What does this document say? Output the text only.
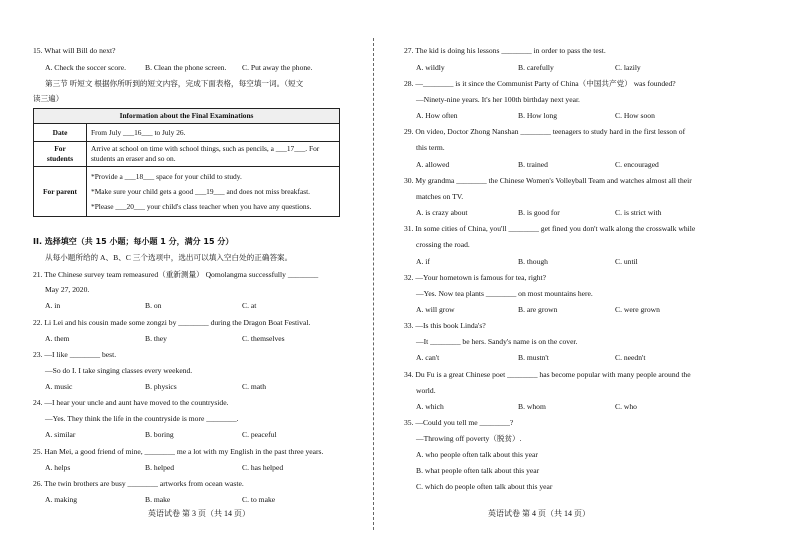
15. What will Bill do next?
A. Check the soccer score.	B. Clean the phone screen. C. Put away the phone.
第三节 听短文 根据你所听到的短文内容，完成下面表格，每空填一词。（短文
读三遍）
Information about the Final Examinations	
Date	From July ___16___ to July 26.
For
students	Arrive at school on time with school things, such as pencils, a ___17___. For
students an eraser and so on.
For parent	*Provide a ___18___ space for your child to study.
*Make sure your child gets a good ___19___ and does not miss breakfast.
*Please ___20___ your child's class teacher when you have any questions.
II. 选择填空（共 15 小题；每小题 1 分，满分 15 分）
从每小题所给的 A、B、C 三个选项中，选出可以填入空白处的正确答案。
21. The Chinese survey team remeasured（重新测量） Qomolangma successfully ________
May 27, 2020.
A. in	B. on	C. at
22. Li Lei and his cousin made some zongzi by ________ during the Dragon Boat Festival.
A. them	B. they	C. themselves
23. —I like ________ best.
—So do I. I take singing classes every weekend.
A. music	B. physics	C. math
24. —I hear your uncle and aunt have moved to the countryside.
—Yes. They think the life in the countryside is more ________.
A. similar	B. boring	C. peaceful
25. Han Mei, a good friend of mine, ________ me a lot with my English in the past three years.
A. helps	B. helped	C. has helped
26. The twin brothers are busy ________ artworks from ocean waste.
A. making	B. make	C. to make
英语试卷 第 3 页（共 14 页）
27. The kid is doing his lessons ________ in order to pass the test.
A. wildly	B. carefully	C. lazily
28. —________ is it since the Communist Party of China（中国共产党） was founded?
—Ninety-nine years. It's her 100th birthday next year.
A. How often	B. How long	C. How soon
29. On video, Doctor Zhong Nanshan ________ teenagers to study hard in the first lesson of
this term.
A. allowed	B. trained	C. encouraged
30. My grandma ________ the Chinese Women's Volleyball Team and watches almost all their
matches on TV.
A. is crazy about	B. is good for	C. is strict with
31. In some cities of China, you'll ________ get fined you don't walk along the crosswalk while
crossing the road.
A. if	B. though	C. until
32. —Your hometown is famous for tea, right?
—Yes. Now tea plants ________ on most mountains here.
A. will grow	B. are grown	C. were grown
33. —Is this book Linda's?
—It ________ be hers. Sandy's name is on the cover.
A. can't	B. mustn't	C. needn't
34. Du Fu is a great Chinese poet ________ has become popular with many people around the
world.
A. which	B. whom	C. who
35. —Could you tell me ________?
—Throwing off poverty（脱贫）.
A. who people often talk about this year
B. what people often talk about this year
C. which do people often talk about this year
英语试卷 第 4 页（共 14 页）
